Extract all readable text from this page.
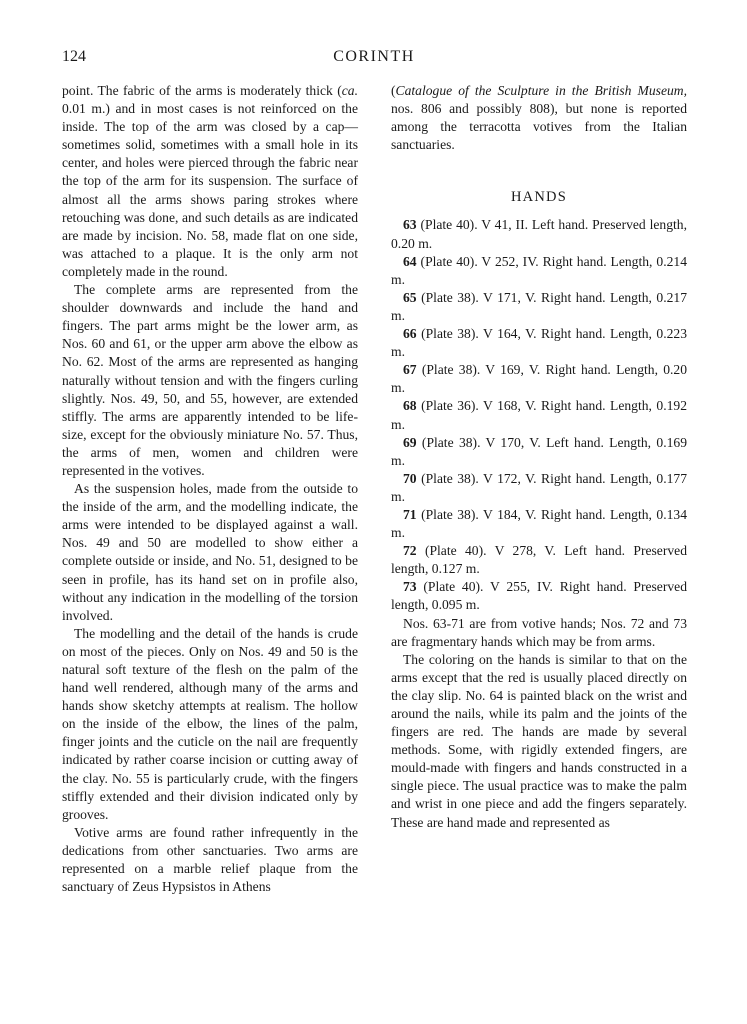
124	CORINTH

point. The fabric of the arms is moderately thick (ca. 0.01 m.) and in most cases is not reinforced on the inside. The top of the arm was closed by a cap—sometimes solid, sometimes with a small hole in its center, and holes were pierced through the fabric near the top of the arm for its suspension. The surface of almost all the arms shows paring strokes where retouching was done, and such details as are indicated are made by incision. No. 58, made flat on one side, was attached to a plaque. It is the only arm not completely made in the round.

The complete arms are represented from the shoulder downwards and include the hand and fingers. The part arms might be the lower arm, as Nos. 60 and 61, or the upper arm above the elbow as No. 62. Most of the arms are represented as hanging naturally without tension and with the fingers curling slightly. Nos. 49, 50, and 55, however, are extended stiffly. The arms are apparently intended to be life-size, except for the obviously miniature No. 57. Thus, the arms of men, women and children were represented in the votives.

As the suspension holes, made from the outside to the inside of the arm, and the modelling indicate, the arms were intended to be displayed against a wall. Nos. 49 and 50 are modelled to show either a complete outside or inside, and No. 51, designed to be seen in profile, has its hand set on in profile also, without any indication in the modelling of the torsion involved.

The modelling and the detail of the hands is crude on most of the pieces. Only on Nos. 49 and 50 is the natural soft texture of the flesh on the palm of the hand well rendered, although many of the arms and hands show sketchy attempts at realism. The hollow on the inside of the elbow, the lines of the palm, finger joints and the cuticle on the nail are frequently indicated by rather coarse incision or cutting away of the clay. No. 55 is particularly crude, with the fingers stiffly extended and their division indicated only by grooves.

Votive arms are found rather infrequently in the dedications from other sanctuaries. Two arms are represented on a marble relief plaque from the sanctuary of Zeus Hypsistos in Athens

(Catalogue of the Sculpture in the British Museum, nos. 806 and possibly 808), but none is reported among the terracotta votives from the Italian sanctuaries.

HANDS

63 (Plate 40). V 41, II. Left hand. Preserved length, 0.20 m.

64 (Plate 40). V 252, IV. Right hand. Length, 0.214 m.

65 (Plate 38). V 171, V. Right hand. Length, 0.217 m.

66 (Plate 38). V 164, V. Right hand. Length, 0.223 m.

67 (Plate 38). V 169, V. Right hand. Length, 0.20 m.

68 (Plate 36). V 168, V. Right hand. Length, 0.192 m.

69 (Plate 38). V 170, V. Left hand. Length, 0.169 m.

70 (Plate 38). V 172, V. Right hand. Length, 0.177 m.

71 (Plate 38). V 184, V. Right hand. Length, 0.134 m.

72 (Plate 40). V 278, V. Left hand. Preserved length, 0.127 m.

73 (Plate 40). V 255, IV. Right hand. Preserved length, 0.095 m.

Nos. 63-71 are from votive hands; Nos. 72 and 73 are fragmentary hands which may be from arms.

The coloring on the hands is similar to that on the arms except that the red is usually placed directly on the clay slip. No. 64 is painted black on the wrist and around the nails, while its palm and the joints of the fingers are red. The hands are made by several methods. Some, with rigidly extended fingers, are mould-made with fingers and hands constructed in a single piece. The usual practice was to make the palm and wrist in one piece and add the fingers separately. These are hand made and represented as
